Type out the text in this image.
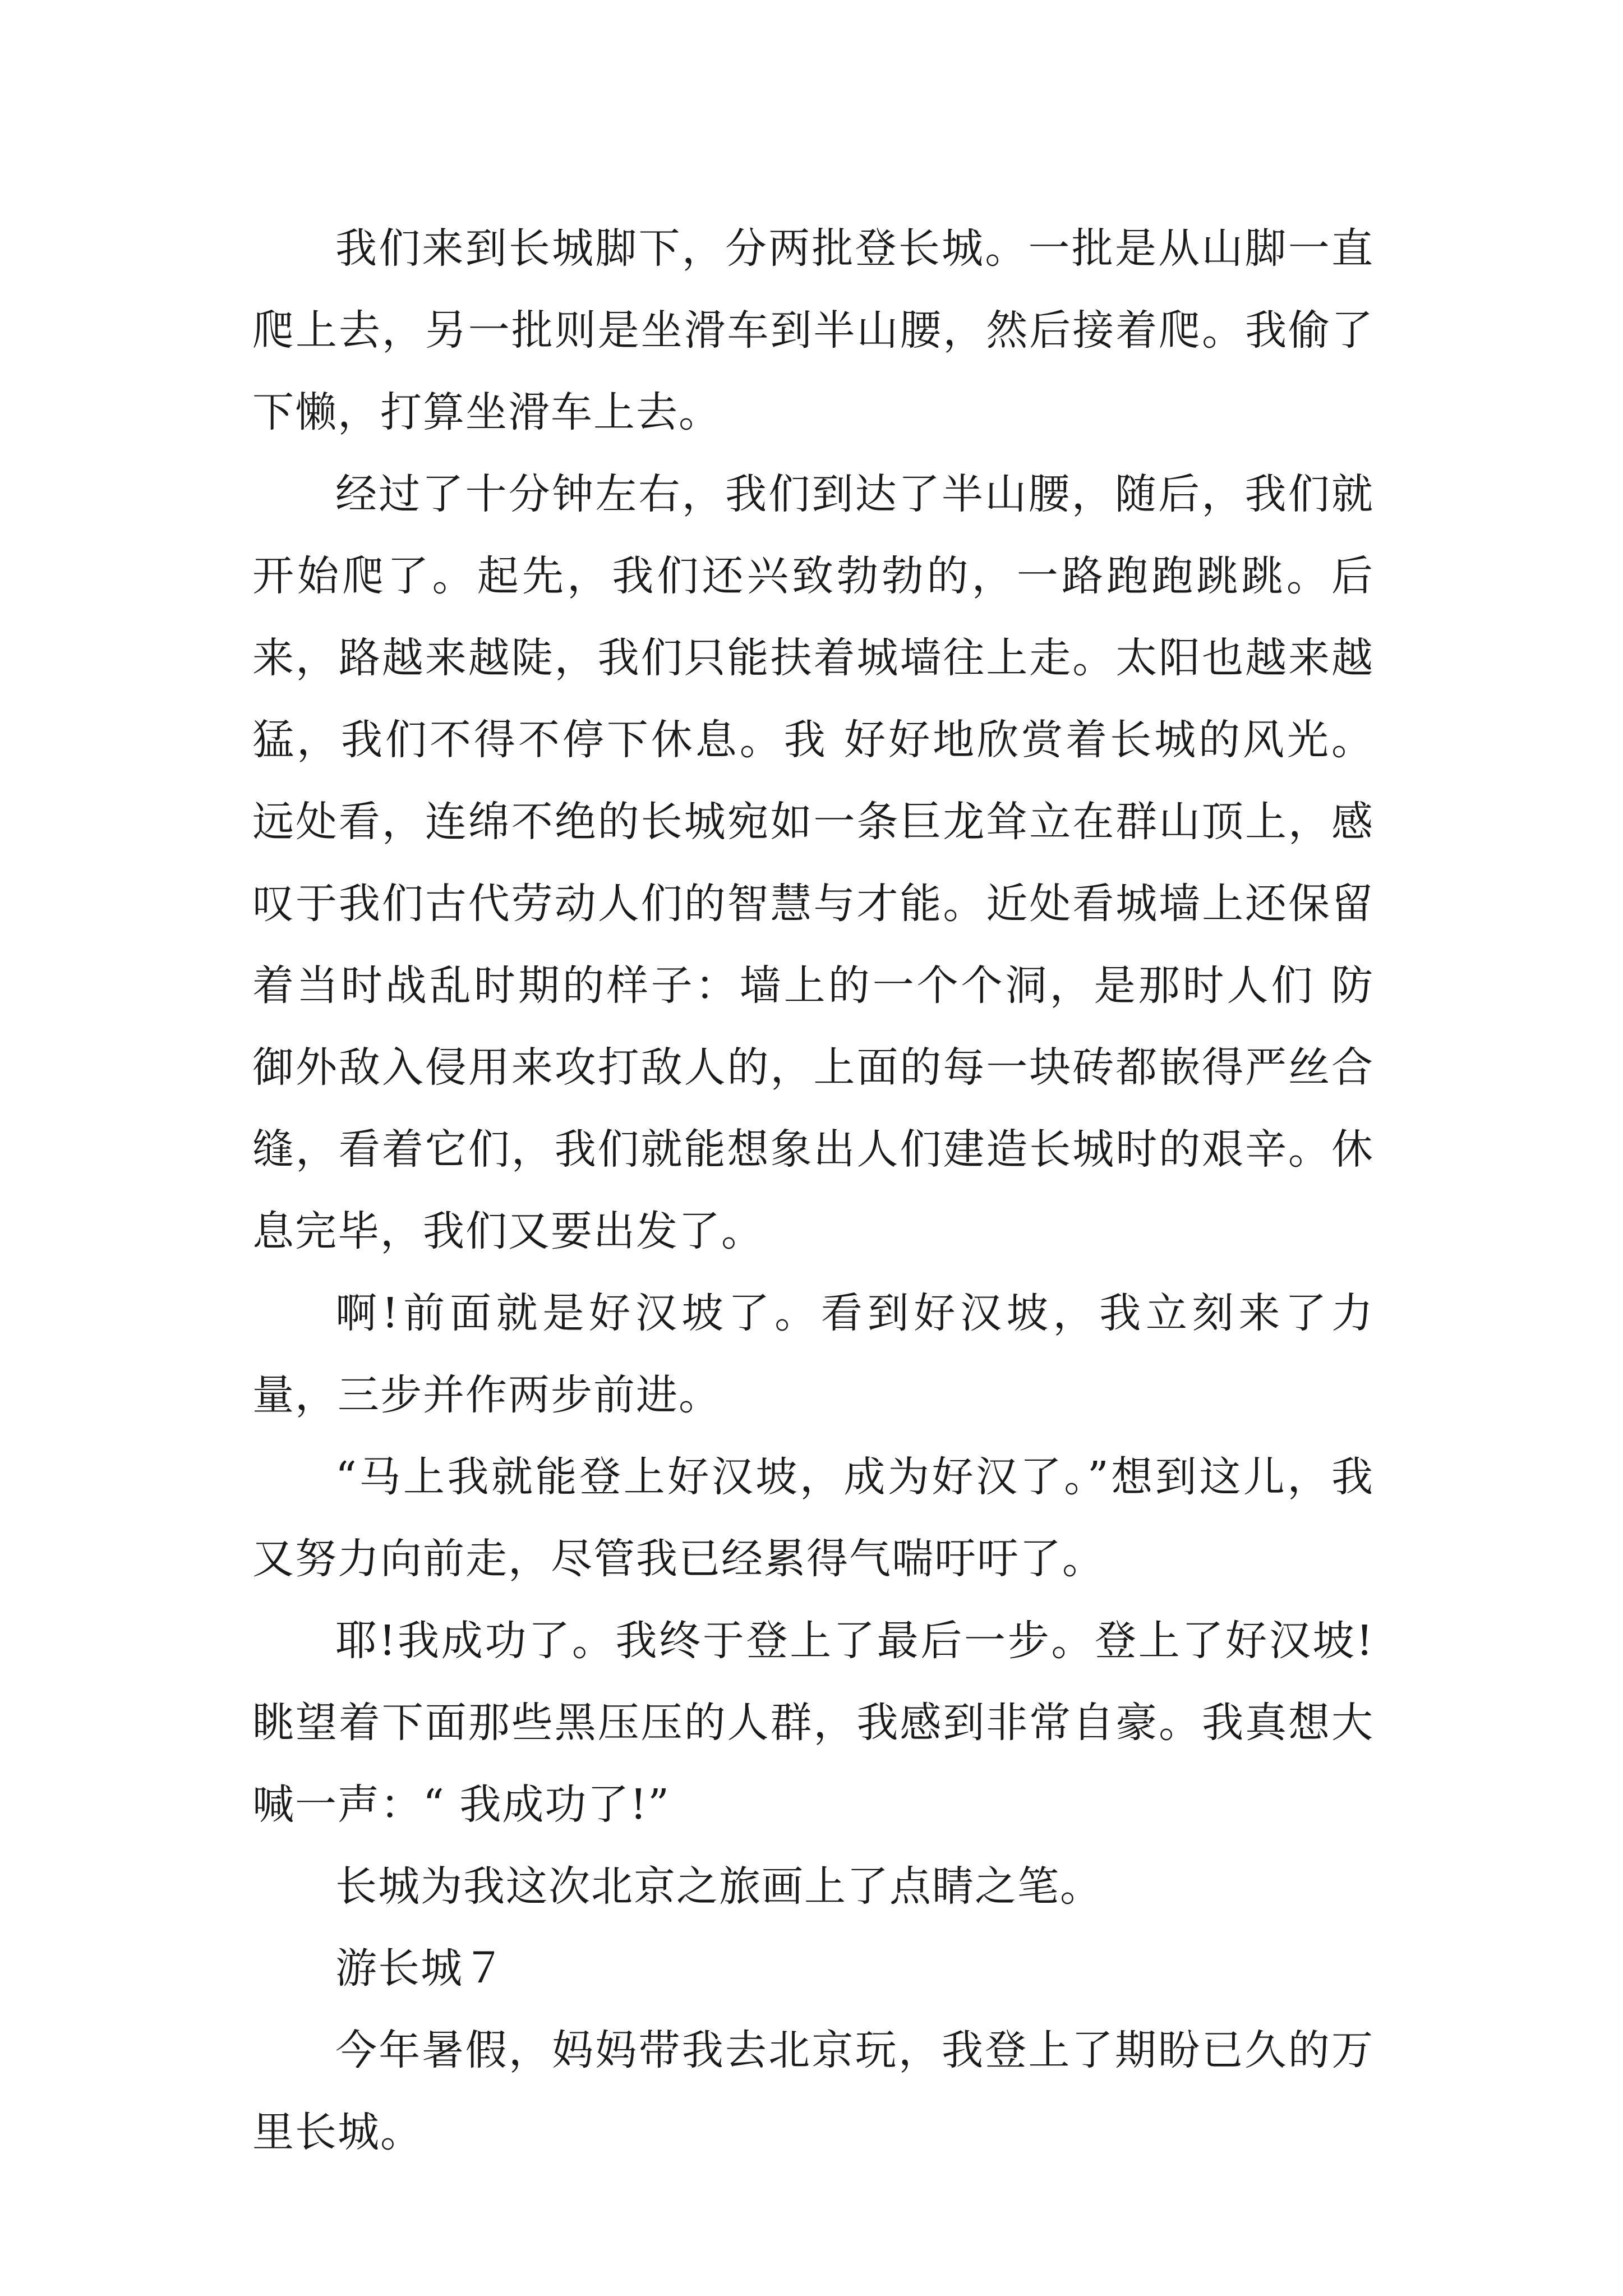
我们来到长城脚下，分两批登长城。一批是从山脚一直爬上去，另一批则是坐滑车到半山腰，然后接着爬。我偷了下懒，打算坐滑车上去。

经过了十分钟左右，我们到达了半山腰，随后，我们就开始爬了。起先，我们还兴致勃勃的，一路跑跑跳跳。后来，路越来越陡，我们只能扶着城墙往上走。太阳也越来越猛，我们不得不停下休息。我 好好地欣赏着长城的风光。远处看，连绵不绝的长城宛如一条巨龙耸立在群山顶上，感叹于我们古代劳动人们的智慧与才能。近处看城墙上还保留着当时战乱时期的样子：墙上的一个个洞，是那时人们 防御外敌入侵用来攻打敌人的，上面的每一块砖都嵌得严丝合缝，看着它们，我们就能想象出人们建造长城时的艰辛。休息完毕，我们又要出发了。

啊!前面就是好汉坡了。看到好汉坡，我立刻来了力量，三步并作两步前进。

“马上我就能登上好汉坡，成为好汉了。”想到这儿，我又努力向前走，尽管我已经累得气喘吁吁了。

耶!我成功了。我终于登上了最后一步。登上了好汉坡!眺望着下面那些黑压压的人群，我感到非常自豪。我真想大喊一声：“ 我成功了!”

长城为我这次北京之旅画上了点睛之笔。

游长城７

今年暑假，妈妈带我去北京玩，我登上了期盼已久的万里长城。
